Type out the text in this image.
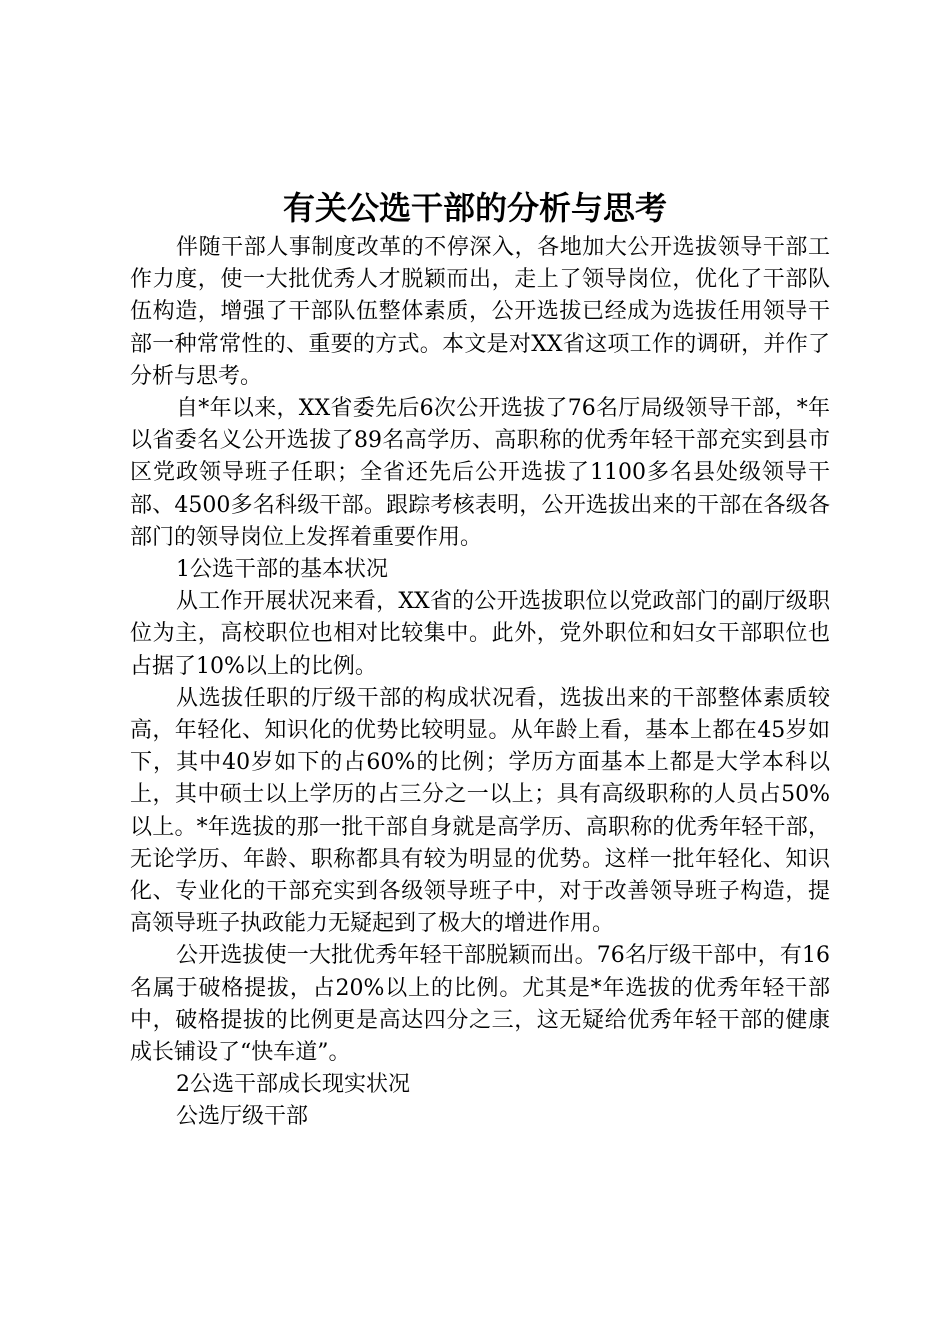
有关公选干部的分析与思考

伴随干部人事制度改革的不停深入，各地加大公开选拔领导干部工作力度，使一大批优秀人才脱颖而出，走上了领导岗位，优化了干部队伍构造，增强了干部队伍整体素质，公开选拔已经成为选拔任用领导干部一种常常性的、重要的方式。本文是对XX省这项工作的调研，并作了分析与思考。

自*年以来，XX省委先后6次公开选拔了76名厅局级领导干部，*年以省委名义公开选拔了89名高学历、高职称的优秀年轻干部充实到县市区党政领导班子任职；全省还先后公开选拔了1100多名县处级领导干部、4500多名科级干部。跟踪考核表明，公开选拔出来的干部在各级各部门的领导岗位上发挥着重要作用。

1公选干部的基本状况

从工作开展状况来看，XX省的公开选拔职位以党政部门的副厅级职位为主，高校职位也相对比较集中。此外，党外职位和妇女干部职位也占据了10%以上的比例。

从选拔任职的厅级干部的构成状况看，选拔出来的干部整体素质较高，年轻化、知识化的优势比较明显。从年龄上看，基本上都在45岁如下，其中40岁如下的占60%的比例；学历方面基本上都是大学本科以上，其中硕士以上学历的占三分之一以上；具有高级职称的人员占50%以上。*年选拔的那一批干部自身就是高学历、高职称的优秀年轻干部，无论学历、年龄、职称都具有较为明显的优势。这样一批年轻化、知识化、专业化的干部充实到各级领导班子中，对于改善领导班子构造，提高领导班子执政能力无疑起到了极大的增进作用。

公开选拔使一大批优秀年轻干部脱颖而出。76名厅级干部中，有16名属于破格提拔，占20%以上的比例。尤其是*年选拔的优秀年轻干部中，破格提拔的比例更是高达四分之三，这无疑给优秀年轻干部的健康成长铺设了“快车道”。

2公选干部成长现实状况

公选厅级干部
